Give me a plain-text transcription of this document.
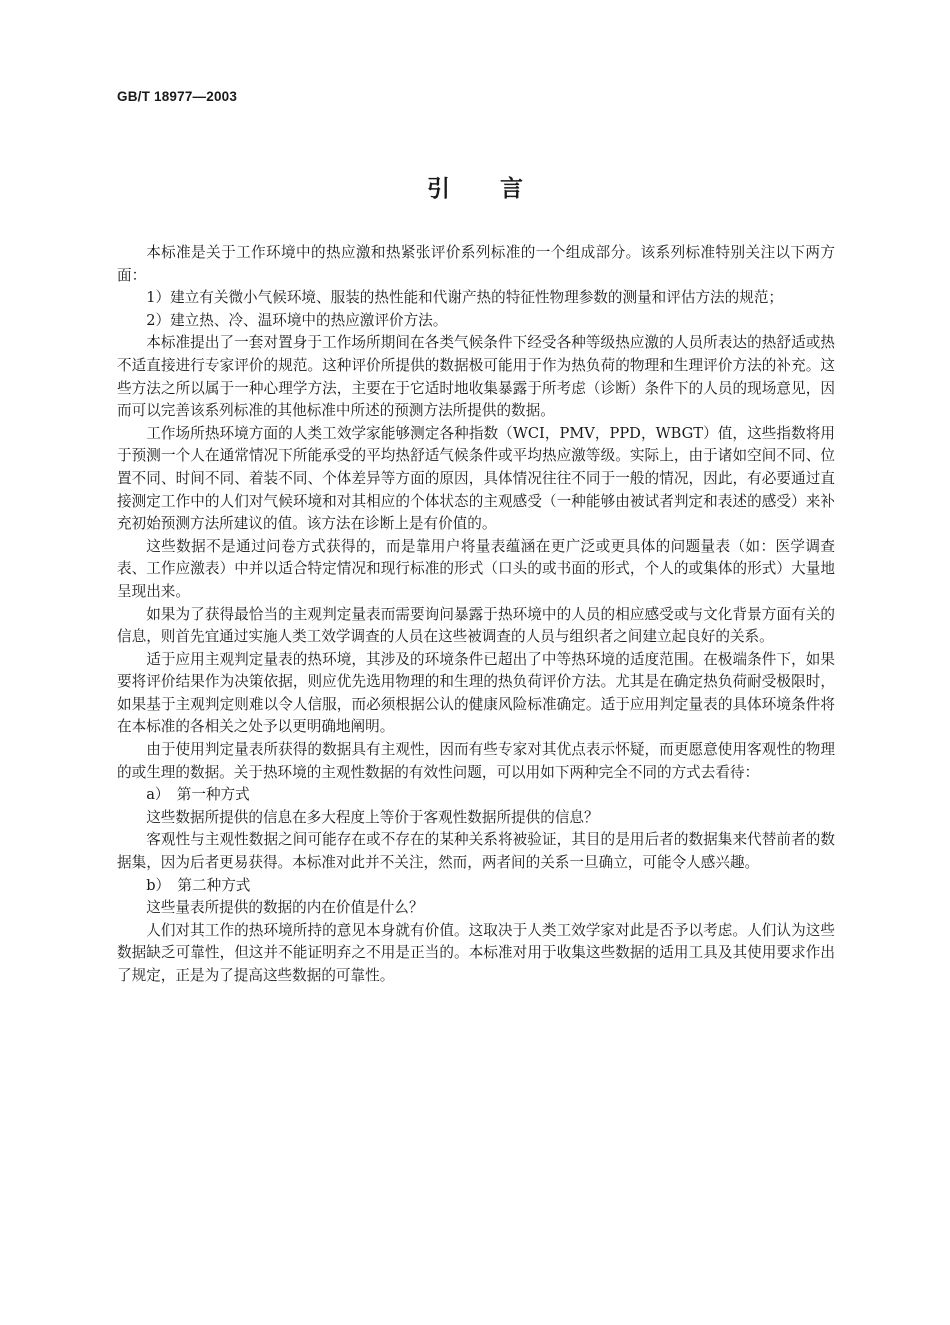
GB/T 18977—2003
引言

本标准是关于工作环境中的热应激和热紧张评价系列标准的一个组成部分。该系列标准特别关注以下两方面：

1）建立有关微小气候环境、服装的热性能和代谢产热的特征性物理参数的测量和评估方法的规范；

2）建立热、冷、温环境中的热应激评价方法。

本标准提出了一套对置身于工作场所期间在各类气候条件下经受各种等级热应激的人员所表达的热舒适或热不适直接进行专家评价的规范。这种评价所提供的数据极可能用于作为热负荷的物理和生理评价方法的补充。这些方法之所以属于一种心理学方法，主要在于它适时地收集暴露于所考虑（诊断）条件下的人员的现场意见，因而可以完善该系列标准的其他标准中所述的预测方法所提供的数据。

工作场所热环境方面的人类工效学家能够测定各种指数（WCI，PMV，PPD，WBGT）值，这些指数将用于预测一个人在通常情况下所能承受的平均热舒适气候条件或平均热应激等级。实际上，由于诸如空间不同、位置不同、时间不同、着装不同、个体差异等方面的原因，具体情况往往不同于一般的情况，因此，有必要通过直接测定工作中的人们对气候环境和对其相应的个体状态的主观感受（一种能够由被试者判定和表述的感受）来补充初始预测方法所建议的值。该方法在诊断上是有价值的。

这些数据不是通过问卷方式获得的，而是靠用户将量表蕴涵在更广泛或更具体的问题量表（如：医学调查表、工作应激表）中并以适合特定情况和现行标准的形式（口头的或书面的形式，个人的或集体的形式）大量地呈现出来。

如果为了获得最恰当的主观判定量表而需要询问暴露于热环境中的人员的相应感受或与文化背景方面有关的信息，则首先宜通过实施人类工效学调查的人员在这些被调查的人员与组织者之间建立起良好的关系。

适于应用主观判定量表的热环境，其涉及的环境条件已超出了中等热环境的适度范围。在极端条件下，如果要将评价结果作为决策依据，则应优先选用物理的和生理的热负荷评价方法。尤其是在确定热负荷耐受极限时，如果基于主观判定则难以令人信服，而必须根据公认的健康风险标准确定。适于应用判定量表的具体环境条件将在本标准的各相关之处予以更明确地阐明。

由于使用判定量表所获得的数据具有主观性，因而有些专家对其优点表示怀疑，而更愿意使用客观性的物理的或生理的数据。关于热环境的主观性数据的有效性问题，可以用如下两种完全不同的方式去看待：

a）　第一种方式

这些数据所提供的信息在多大程度上等价于客观性数据所提供的信息？

客观性与主观性数据之间可能存在或不存在的某种关系将被验证，其目的是用后者的数据集来代替前者的数据集，因为后者更易获得。本标准对此并不关注，然而，两者间的关系一旦确立，可能令人感兴趣。

b）　第二种方式

这些量表所提供的数据的内在价值是什么？

人们对其工作的热环境所持的意见本身就有价值。这取决于人类工效学家对此是否予以考虑。人们认为这些数据缺乏可靠性，但这并不能证明弃之不用是正当的。本标准对用于收集这些数据的适用工具及其使用要求作出了规定，正是为了提高这些数据的可靠性。
